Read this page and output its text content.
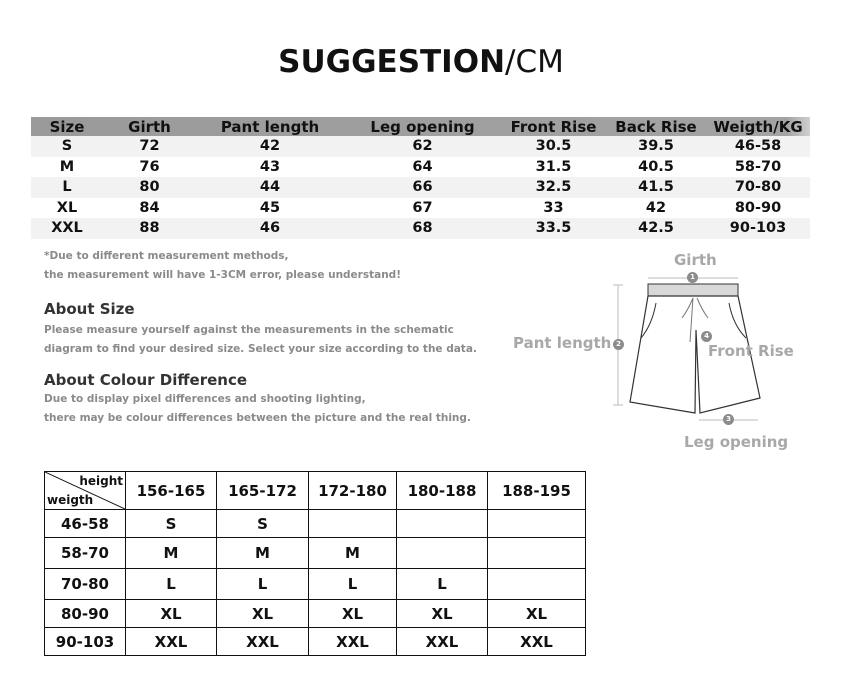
SUGGESTION/CM
Size	Girth	Pant length	Leg opening	Front Rise	Back Rise	Weigth/KG
S	72	42	62	30.5	39.5	46-58
M	76	43	64	31.5	40.5	58-70
L	80	44	66	32.5	41.5	70-80
XL	84	45	67	33	42	80-90
XXL	88	46	68	33.5	42.5	90-103
*Due to different measurement methods,
the measurement will have 1-3CM error, please understand!
About Size
Please measure yourself against the measurements in the schematic
diagram to find your desired size. Select your size according to the data.
About Colour Difference
Due to display pixel differences and shooting lighting,
there may be colour differences between the picture and the real thing.
Girth
1
Pant length 2	Front Rise
4
Leg opening
3
height
weigth	156-165	165-172	172-180	180-188	188-195
46-58	S	S			
58-70	M	M	M		
70-80	L	L	L	L	
80-90	XL	XL	XL	XL	XL
90-103	XXL	XXL	XXL	XXL	XXL
